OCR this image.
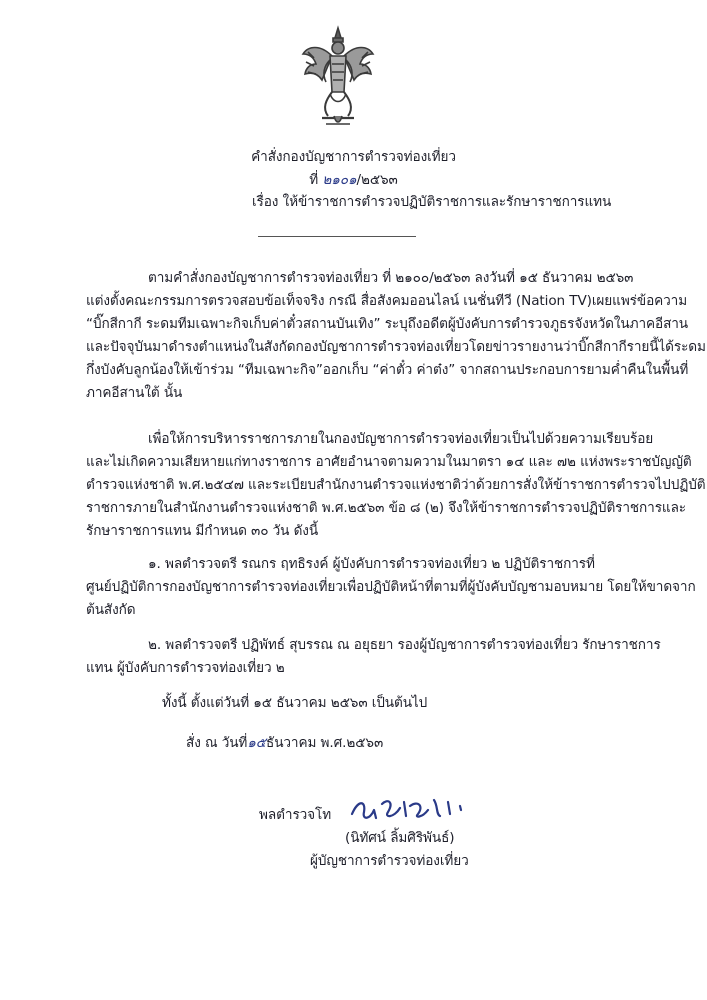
คำสั่งกองบัญชาการตำรวจท่องเที่ยว
ที่ ๒๑๐๑/๒๕๖๓
เรื่อง ให้ข้าราชการตำรวจปฏิบัติราชการและรักษาราชการแทน
ตามคำสั่งกองบัญชาการตำรวจท่องเที่ยว ที่ ๒๑๐๐/๒๕๖๓ ลงวันที่ ๑๕ ธันวาคม ๒๕๖๓
แต่งตั้งคณะกรรมการตรวจสอบข้อเท็จจริง กรณี สื่อสังคมออนไลน์ เนชั่นทีวี (Nation TV)เผยแพร่ข้อความ
“บิ๊กสีกากี ระดมทีมเฉพาะกิจเก็บค่าตั๋วสถานบันเทิง” ระบุถึงอดีตผู้บังคับการตำรวจภูธรจังหวัดในภาคอีสาน
และปัจจุบันมาดำรงตำแหน่งในสังกัดกองบัญชาการตำรวจท่องเที่ยวโดยข่าวรายงานว่าบิ๊กสีกากีรายนี้ได้ระดม
กึ่งบังคับลูกน้องให้เข้าร่วม “ทีมเฉพาะกิจ”ออกเก็บ “ค่าตั๋ว ค่าต๋ง” จากสถานประกอบการยามค่ำคืนในพื้นที่
ภาคอีสานใต้ นั้น
เพื่อให้การบริหารราชการภายในกองบัญชาการตำรวจท่องเที่ยวเป็นไปด้วยความเรียบร้อย
และไม่เกิดความเสียหายแก่ทางราชการ อาศัยอำนาจตามความในมาตรา ๑๔ และ ๗๒ แห่งพระราชบัญญัติ
ตำรวจแห่งชาติ พ.ศ.๒๕๔๗ และระเบียบสำนักงานตำรวจแห่งชาติว่าด้วยการสั่งให้ข้าราชการตำรวจไปปฏิบัติ
ราชการภายในสำนักงานตำรวจแห่งชาติ พ.ศ.๒๕๖๓ ข้อ ๘ (๒) จึงให้ข้าราชการตำรวจปฏิบัติราชการและ
รักษาราชการแทน มีกำหนด ๓๐ วัน ดังนี้
๑. พลตำรวจตรี รณกร ฤทธิรงค์ ผู้บังคับการตำรวจท่องเที่ยว ๒ ปฏิบัติราชการที่
ศูนย์ปฏิบัติการกองบัญชาการตำรวจท่องเที่ยวเพื่อปฏิบัติหน้าที่ตามที่ผู้บังคับบัญชามอบหมาย โดยให้ขาดจาก
ต้นสังกัด
๒. พลตำรวจตรี ปฏิพัทธ์ สุบรรณ ณ อยุธยา รองผู้บัญชาการตำรวจท่องเที่ยว รักษาราชการ
แทน ผู้บังคับการตำรวจท่องเที่ยว ๒
ทั้งนี้ ตั้งแต่วันที่ ๑๕ ธันวาคม ๒๕๖๓ เป็นต้นไป
สั่ง ณ วันที่๑๕ธันวาคม พ.ศ.๒๕๖๓
พลตำรวจโท
(นิทัศน์ ลิ้มศิริพันธ์)
ผู้บัญชาการตำรวจท่องเที่ยว
